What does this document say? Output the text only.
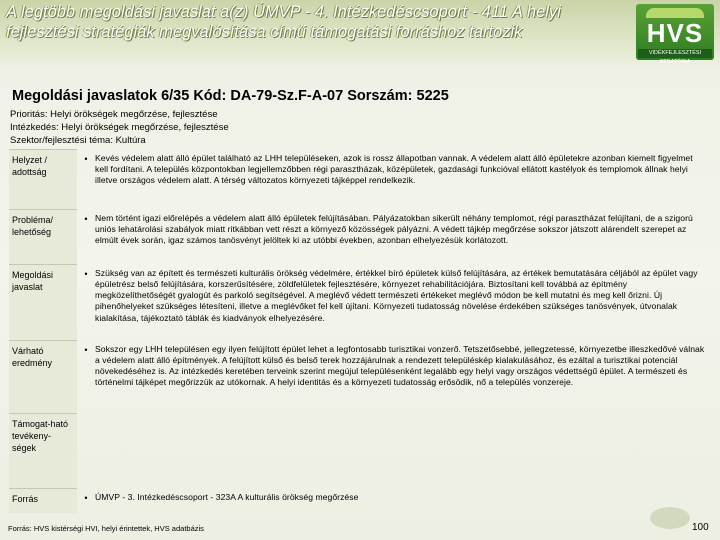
A legtöbb megoldási javaslat a(z) ÚMVP - 4. Intézkedéscsoport - 411 A helyi fejlesztési stratégiák megvalósítása című támogatási forráshoz tartozik	HVS
VIDÉKFEJLESZTÉSI STRATÉGIA
Megoldási javaslatok 6/35 Kód: DA-79-Sz.F-A-07 Sorszám: 5225
Prioritás: Helyi örökségek megőrzése, fejlesztése
Intézkedés: Helyi örökségek megőrzése, fejlesztése
Szektor/fejlesztési téma: Kultúra
Helyzet / adottság	•	Kevés védelem alatt álló épület található az LHH településeken, azok is rossz állapotban vannak. A védelem alatt álló épületekre azonban kiemelt figyelmet kell fordítani. A település központokban legjellemzőbben régi parasztházak, középületek, gazdasági funkcióval ellátott kastélyok és templomok állnak helyi illetve országos védelem alatt. A térség változatos környezeti tájképpel rendelkezik.
Probléma/ lehetőség	•	Nem történt igazi előrelépés a védelem alatt álló épületek felújításában. Pályázatokban sikerült néhány templomot, régi parasztházat felújítani, de a szigorú uniós lehatárolási szabályok miatt ritkábban vett részt a környező közösségek pályázni. A védett tájkép megőrzése sokszor játszott alárendelt szerepet az elmúlt évek során, igaz számos tanösvényt jelöltek ki az utóbbi években, azonban elhelyezésük korlátozott.
Megoldási javaslat	•	Szükség van az épített és természeti kulturális örökség védelmére, értékkel bíró épületek külső felújítására, az értékek bemutatására céljából az épület vagy épületrész belső felújítására, korszerűsítésére, zöldfelületek fejlesztésére, környezet rehabilitációjára. Biztosítani kell továbbá az építmény megközelíthetőségét gyalogút és parkoló segítségével. A meglévő védett természeti értékeket meglévő módon be kell mutatni és meg kell őrizni. Új pihenőhelyeket szükséges létesíteni, illetve a meglévőket fel kell újítani. Környezeti tudatosság növelése érdekében szükséges tanösvények, útvonalak kialakítása, tájékoztató táblák és kiadványok elhelyezésére.
Várható eredmény	•	Sokszor egy LHH településen egy ilyen felújított épület lehet a legfontosabb turisztikai vonzerő. Tetszetősebbé, jellegzetessé, környezetbe illeszkedővé válnak a védelem alatt álló építmények. A felújított külső és belső terek hozzájárulnak a rendezett településkép kialakulásához, és ezáltal a turisztikai potenciál növekedéséhez is. Az intézkedés keretében terveink szerint megújul településenként legalább egy helyi vagy országos védettségű épület. A természeti és történelmi tájképet megőrizzük az utókornak. A helyi identitás és a környezeti tudatosság erősödik, nő a település vonzereje.
Támogat-ható tevékeny-ségek		
Forrás	•	ÚMVP - 3. Intézkedéscsoport - 323A A kulturális örökség megőrzése
Forrás: HVS kistérségi HVI, helyi érintettek, HVS adatbázis	100
